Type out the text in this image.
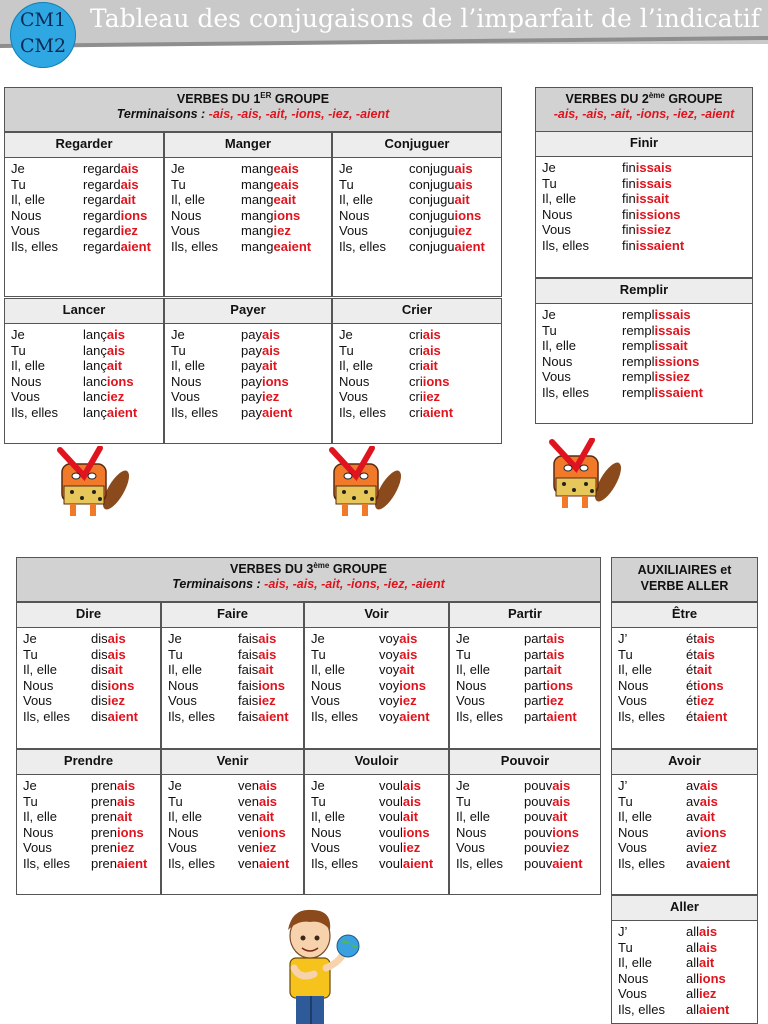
Tableau des conjugaisons de l’imparfait de l’indicatif
CM1
CM2
VERBES DU 1ER GROUPE
Terminaisons : -ais, -ais, -ait, -ions, -iez, -aient
VERBES DU 2ème GROUPE
-ais, -ais, -ait, -ions, -iez, -aient
VERBES DU 3ème GROUPE
Terminaisons : -ais, -ais, -ait, -ions, -iez, -aient
AUXILIAIRES et
VERBE ALLER
Regarder
Je	regardais
Tu	regardais
Il, elle	regardait
Nous	regardions
Vous	regardiez
Ils, elles	regardaient
Manger
Je	mangeais
Tu	mangeais
Il, elle	mangeait
Nous	mangions
Vous	mangiez
Ils, elles	mangeaient
Conjuguer
Je	conjuguais
Tu	conjuguais
Il, elle	conjuguait
Nous	conjuguions
Vous	conjuguiez
Ils, elles	conjuguaient
Lancer
Je	lançais
Tu	lançais
Il, elle	lançait
Nous	lancions
Vous	lanciez
Ils, elles	lançaient
Payer
Je	payais
Tu	payais
Il, elle	payait
Nous	payions
Vous	payiez
Ils, elles	payaient
Crier
Je	criais
Tu	criais
Il, elle	criait
Nous	criions
Vous	criiez
Ils, elles	criaient
Finir
Je	finissais
Tu	finissais
Il, elle	finissait
Nous	finissions
Vous	finissiez
Ils, elles	finissaient
Remplir
Je	remplissais
Tu	remplissais
Il, elle	remplissait
Nous	remplissions
Vous	remplissiez
Ils, elles	remplissaient
Dire
Je	disais
Tu	disais
Il, elle	disait
Nous	disions
Vous	disiez
Ils, elles	disaient
Faire
Je	faisais
Tu	faisais
Il, elle	faisait
Nous	faisions
Vous	faisiez
Ils, elles	faisaient
Voir
Je	voyais
Tu	voyais
Il, elle	voyait
Nous	voyions
Vous	voyiez
Ils, elles	voyaient
Partir
Je	partais
Tu	partais
Il, elle	partait
Nous	partions
Vous	partiez
Ils, elles	partaient
Prendre
Je	prenais
Tu	prenais
Il, elle	prenait
Nous	prenions
Vous	preniez
Ils, elles	prenaient
Venir
Je	venais
Tu	venais
Il, elle	venait
Nous	venions
Vous	veniez
Ils, elles	venaient
Vouloir
Je	voulais
Tu	voulais
Il, elle	voulait
Nous	voulions
Vous	vouliez
Ils, elles	voulaient
Pouvoir
Je	pouvais
Tu	pouvais
Il, elle	pouvait
Nous	pouvions
Vous	pouviez
Ils, elles	pouvaient
Être
J’	étais
Tu	étais
Il, elle	était
Nous	étions
Vous	étiez
Ils, elles	étaient
Avoir
J’	avais
Tu	avais
Il, elle	avait
Nous	avions
Vous	aviez
Ils, elles	avaient
Aller
J’	allais
Tu	allais
Il, elle	allait
Nous	allions
Vous	alliez
Ils, elles	allaient
